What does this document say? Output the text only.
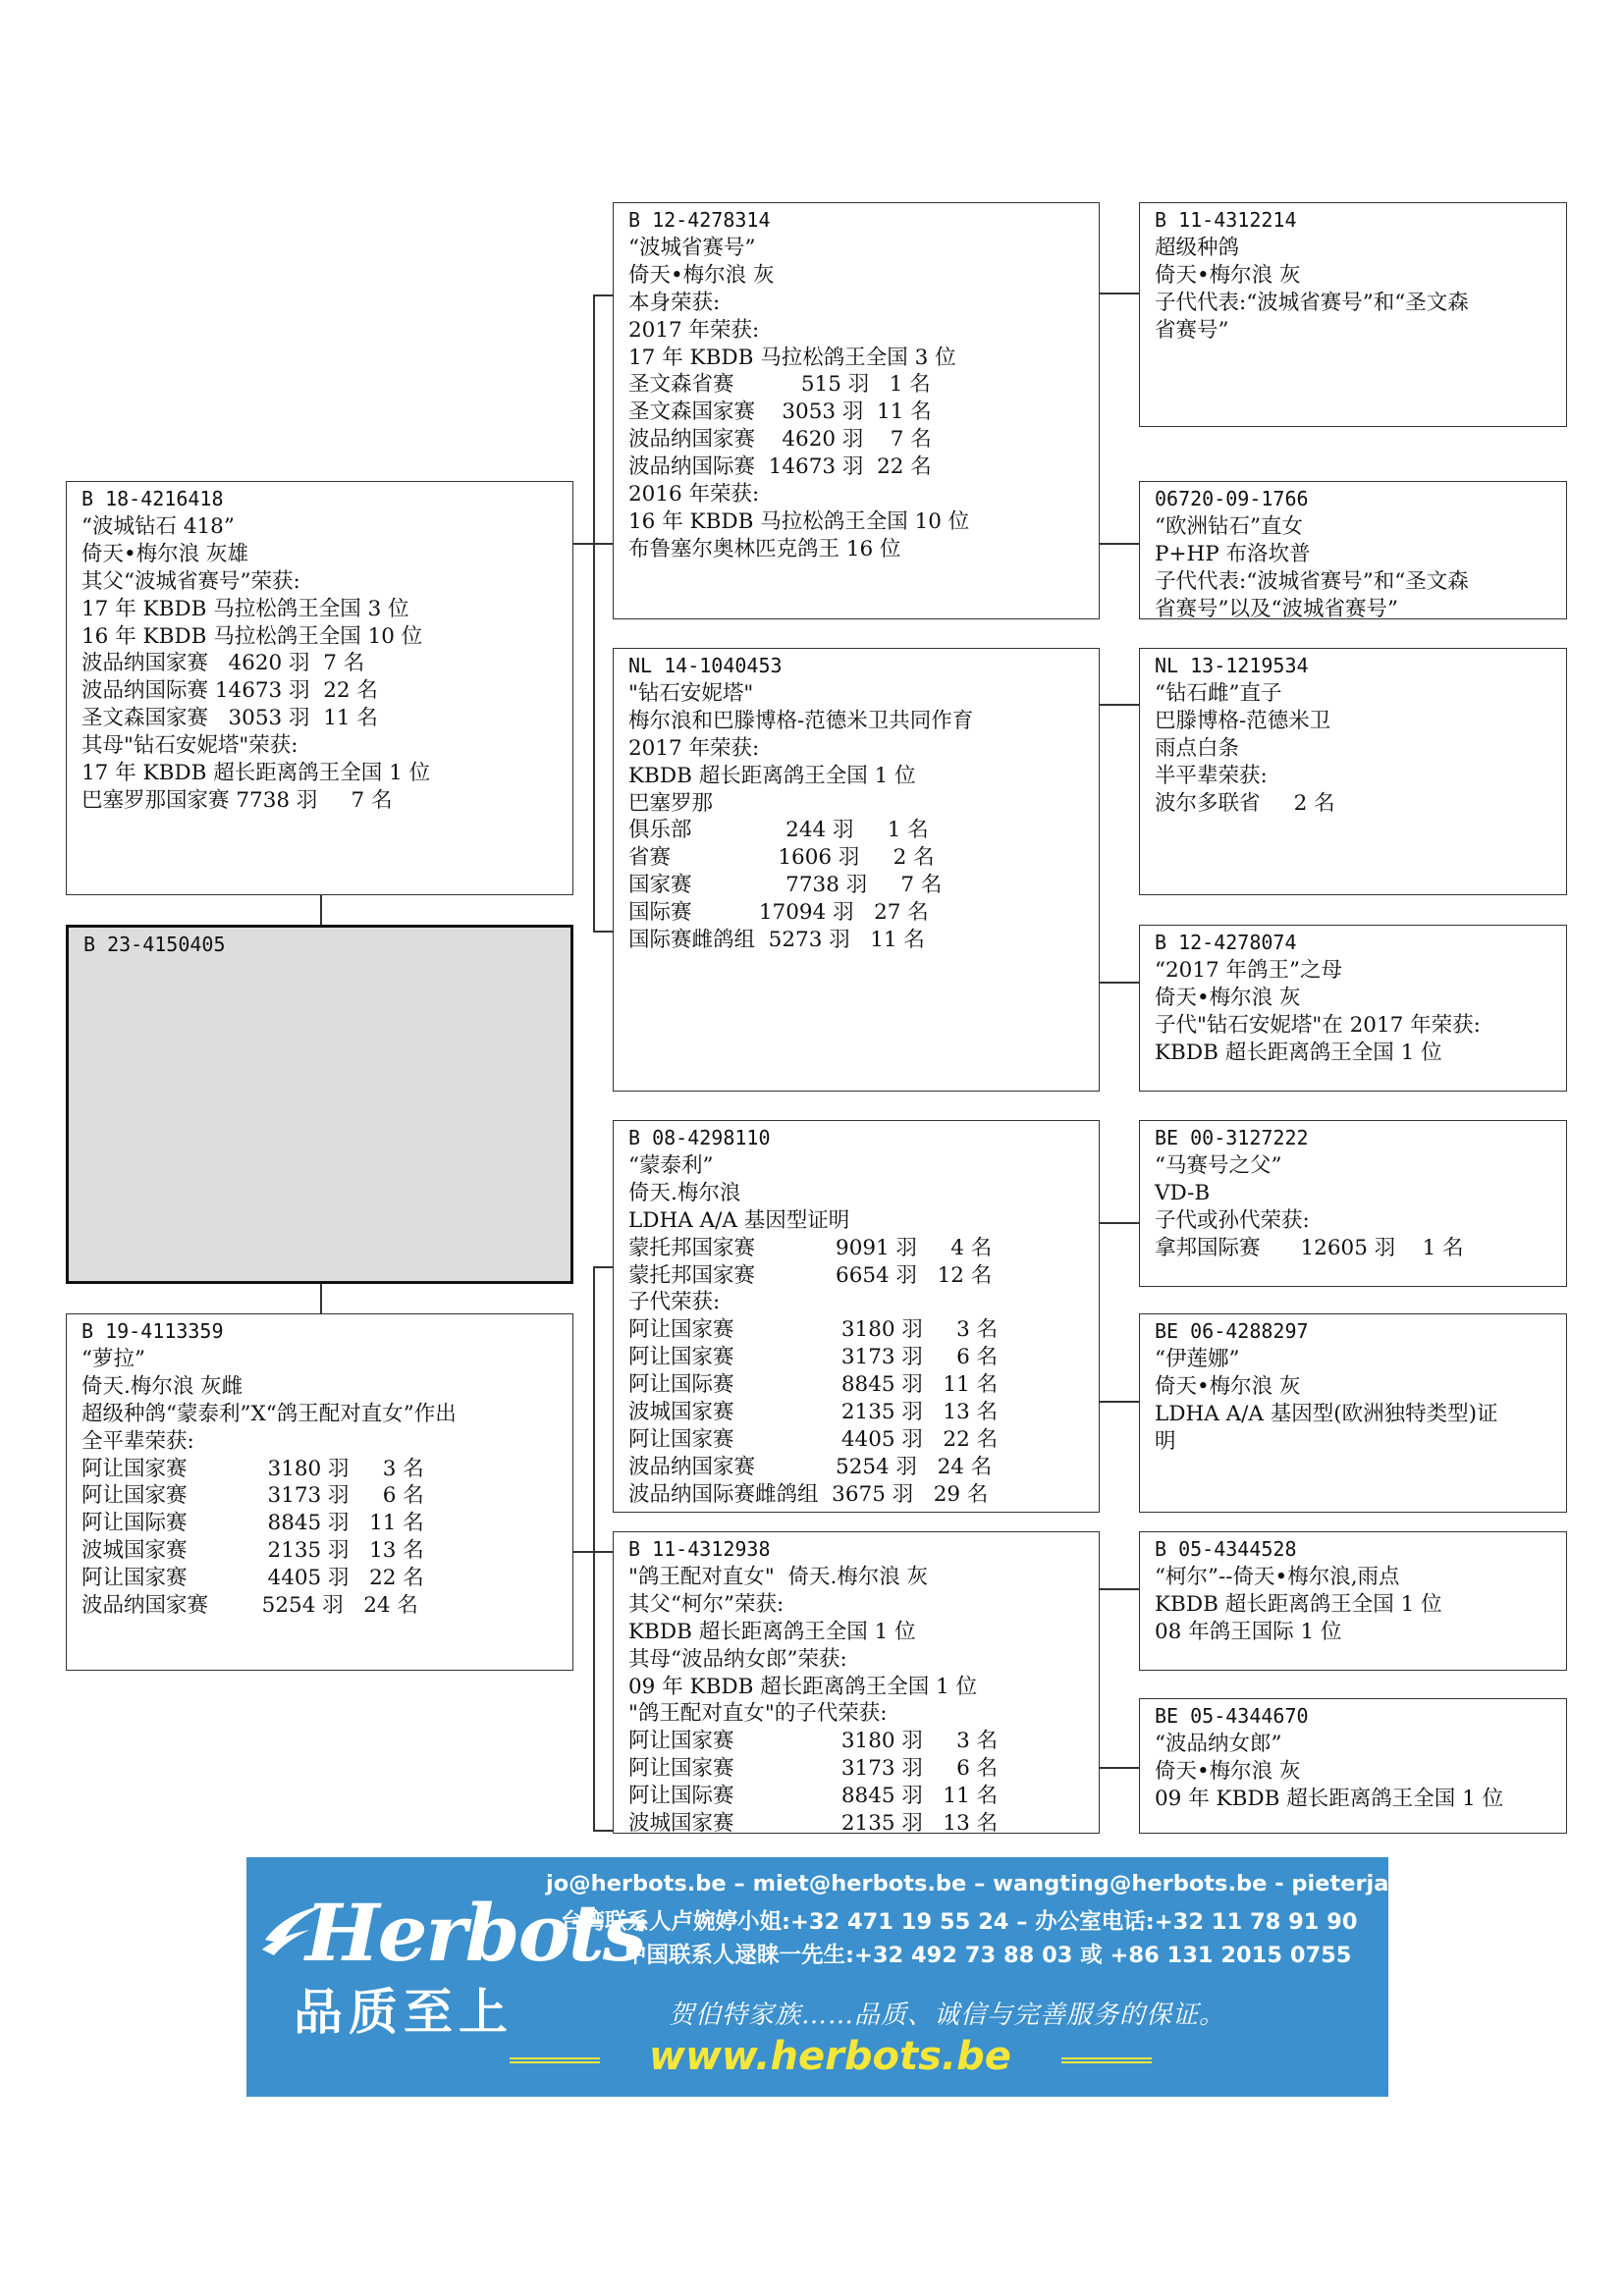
B 18-4216418
“波城钻石 418”
倚天•梅尔浪 灰雄
其父“波城省赛号”荣获:
17 年 KBDB 马拉松鸽王全国 3 位
16 年 KBDB 马拉松鸽王全国 10 位
波品纳国家赛   4620 羽  7 名
波品纳国际赛 14673 羽  22 名
圣文森国家赛   3053 羽  11 名
其母"钻石安妮塔"荣获:
17 年 KBDB 超长距离鸽王全国 1 位
巴塞罗那国家赛 7738 羽     7 名
B 23-4150405
B 19-4113359
“萝拉”
倚天.梅尔浪 灰雌
超级种鸽“蒙泰利”X“鸽王配对直女”作出
全平辈荣获:
阿让国家赛            3180 羽     3 名
阿让国家赛            3173 羽     6 名
阿让国际赛            8845 羽   11 名
波城国家赛            2135 羽   13 名
阿让国家赛            4405 羽   22 名
波品纳国家赛        5254 羽   24 名
B 12-4278314
“波城省赛号”
倚天•梅尔浪 灰
本身荣获:
2017 年荣获:
17 年 KBDB 马拉松鸽王全国 3 位
圣文森省赛          515 羽   1 名
圣文森国家赛    3053 羽  11 名
波品纳国家赛    4620 羽    7 名
波品纳国际赛  14673 羽  22 名
2016 年荣获:
16 年 KBDB 马拉松鸽王全国 10 位
布鲁塞尔奥林匹克鸽王 16 位
NL 14-1040453
"钻石安妮塔"
梅尔浪和巴滕博格-范德米卫共同作育
2017 年荣获:
KBDB 超长距离鸽王全国 1 位
巴塞罗那
俱乐部              244 羽     1 名
省赛                1606 羽     2 名
国家赛              7738 羽     7 名
国际赛          17094 羽   27 名
国际赛雌鸽组  5273 羽   11 名
B 08-4298110
“蒙泰利”
倚天.梅尔浪
LDHA A/A 基因型证明
蒙托邦国家赛            9091 羽     4 名
蒙托邦国家赛            6654 羽   12 名
子代荣获:
阿让国家赛                3180 羽     3 名
阿让国家赛                3173 羽     6 名
阿让国际赛                8845 羽   11 名
波城国家赛                2135 羽   13 名
阿让国家赛                4405 羽   22 名
波品纳国家赛            5254 羽   24 名
波品纳国际赛雌鸽组  3675 羽   29 名
B 11-4312938
"鸽王配对直女"  倚天.梅尔浪 灰
其父“柯尔”荣获:
KBDB 超长距离鸽王全国 1 位
其母“波品纳女郎”荣获:
09 年 KBDB 超长距离鸽王全国 1 位
"鸽王配对直女"的子代荣获:
阿让国家赛                3180 羽     3 名
阿让国家赛                3173 羽     6 名
阿让国际赛                8845 羽   11 名
波城国家赛                2135 羽   13 名
B 11-4312214
超级种鸽
倚天•梅尔浪 灰
子代代表:“波城省赛号”和“圣文森
省赛号”
06720-09-1766
“欧洲钻石”直女
P+HP 布洛坎普
子代代表:“波城省赛号”和“圣文森
省赛号”以及“波城省赛号”
NL 13-1219534
“钻石雌”直子
巴滕博格-范德米卫
雨点白条
半平辈荣获:
波尔多联省     2 名
B 12-4278074
“2017 年鸽王”之母
倚天•梅尔浪 灰
子代"钻石安妮塔"在 2017 年荣获:
KBDB 超长距离鸽王全国 1 位
BE 00-3127222
“马赛号之父”
VD-B
子代或孙代荣获:
拿邦国际赛      12605 羽    1 名
BE 06-4288297
“伊莲娜”
倚天•梅尔浪 灰
LDHA A/A 基因型(欧洲独特类型)证
明
B 05-4344528
“柯尔”--倚天•梅尔浪,雨点
KBDB 超长距离鸽王全国 1 位
08 年鸽王国际 1 位
BE 05-4344670
“波品纳女郎”
倚天•梅尔浪 灰
09 年 KBDB 超长距离鸽王全国 1 位
Herbots
品质至上
jo@herbots.be – miet@herbots.be – wangting@herbots.be - pieterjan@herbots.be
台湾联系人卢婉婷小姐:+32 471 19 55 24 – 办公室电话:+32 11 78 91 90
中国联系人逯睐一先生:+32 492 73 88 03 或 +86 131 2015 0755
贺伯特家族……品质、诚信与完善服务的保证。
www.herbots.be
